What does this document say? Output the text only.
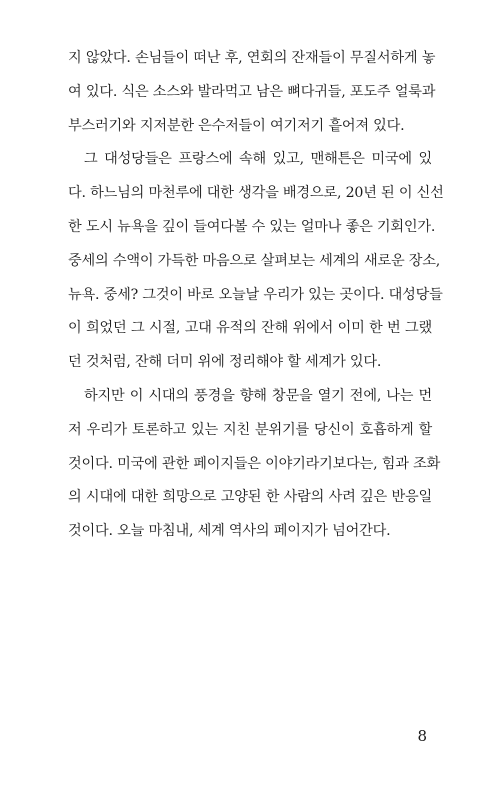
지 않았다. 손님들이 떠난 후, 연회의 잔재들이 무질서하게 놓
여 있다. 식은 소스와 발라먹고 남은 뼈다귀들, 포도주 얼룩과
부스러기와 지저분한 은수저들이 여기저기 흩어져 있다.
그 대성당들은 프랑스에 속해 있고, 맨해튼은 미국에 있
다. 하느님의 마천루에 대한 생각을 배경으로, 20년 된 이 신선
한 도시 뉴욕을 깊이 들여다볼 수 있는 얼마나 좋은 기회인가.
중세의 수액이 가득한 마음으로 살펴보는 세계의 새로운 장소,
뉴욕. 중세? 그것이 바로 오늘날 우리가 있는 곳이다. 대성당들
이 희었던 그 시절, 고대 유적의 잔해 위에서 이미 한 번 그랬
던 것처럼, 잔해 더미 위에 정리해야 할 세계가 있다.
하지만 이 시대의 풍경을 향해 창문을 열기 전에, 나는 먼
저 우리가 토론하고 있는 지친 분위기를 당신이 호흡하게 할
것이다. 미국에 관한 페이지들은 이야기라기보다는, 힘과 조화
의 시대에 대한 희망으로 고양된 한 사람의 사려 깊은 반응일
것이다. 오늘 마침내, 세계 역사의 페이지가 넘어간다.
8
